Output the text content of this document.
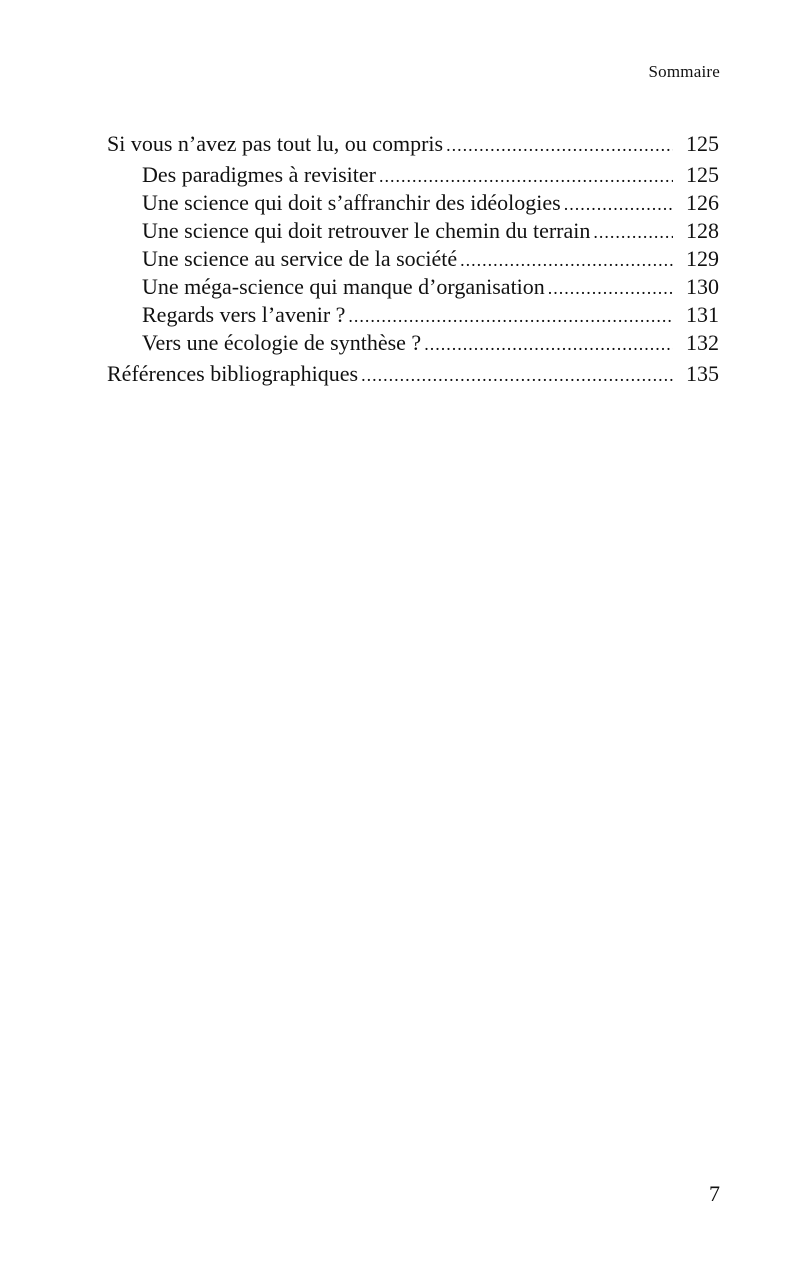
Sommaire
Si vous n’avez pas tout lu, ou compris .....	125
Des paradigmes à revisiter .....	125
Une science qui doit s’affranchir des idéologies .....	126
Une science qui doit retrouver le chemin du terrain .....	128
Une science au service de la société .....	129
Une méga-science qui manque d’organisation .....	130
Regards vers l’avenir ? .....	131
Vers une écologie de synthèse ? .....	132
Références bibliographiques .....	135
7
